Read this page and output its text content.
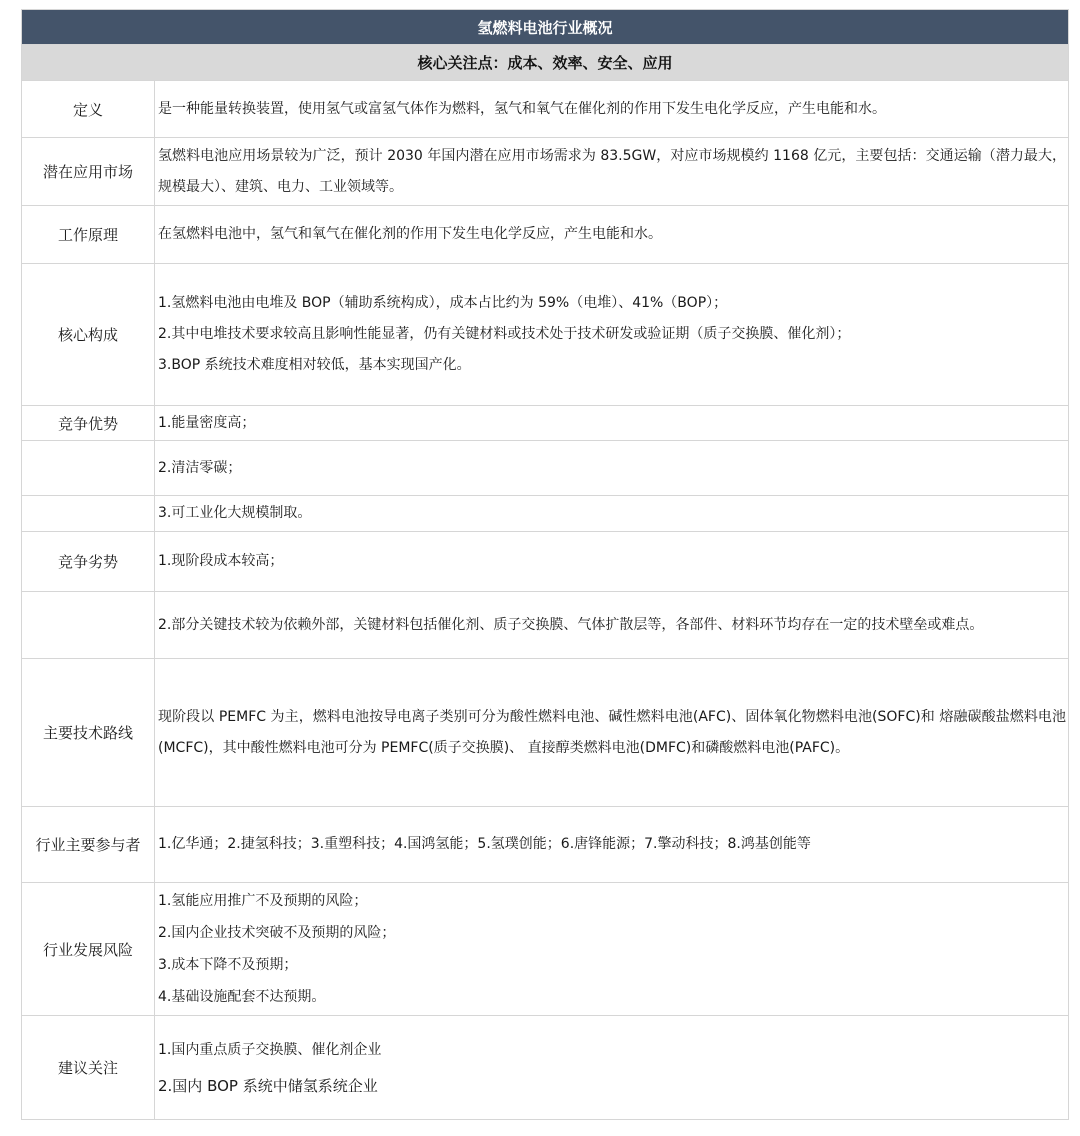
氢燃料电池行业概况	
核心关注点：成本、效率、安全、应用	
定义	是一种能量转换装置，使用氢气或富氢气体作为燃料，氢气和氧气在催化剂的作用下发生电化学反应，产生电能和水。

潜在应用市场	氢燃料电池应用场景较为广泛，预计 2030 年国内潜在应用市场需求为 83.5GW，对应市场规模约 1168 亿元，主要包括：交通运输（潜力最大，规模最大）、建筑、电力、工业领域等。

工作原理	在氢燃料电池中，氢气和氧气在催化剂的作用下发生电化学反应，产生电能和水。

核心构成	1.氢燃料电池由电堆及 BOP（辅助系统构成），成本占比约为 59%（电堆）、41%（BOP）；
2.其中电堆技术要求较高且影响性能显著，仍有关键材料或技术处于技术研发或验证期（质子交换膜、催化剂）；
3.BOP 系统技术难度相对较低，基本实现国产化。

竞争优势	1.能量密度高；

	2.清洁零碳；

	3.可工业化大规模制取。

竞争劣势	1.现阶段成本较高；

	2.部分关键技术较为依赖外部，关键材料包括催化剂、质子交换膜、气体扩散层等，各部件、材料环节均存在一定的技术壁垒或难点。

主要技术路线	现阶段以 PEMFC 为主，燃料电池按导电离子类别可分为酸性燃料电池、碱性燃料电池(AFC)、固体氧化物燃料电池(SOFC)和 熔融碳酸盐燃料电池(MCFC)，其中酸性燃料电池可分为 PEMFC(质子交换膜)、 直接醇类燃料电池(DMFC)和磷酸燃料电池(PAFC)。

行业主要参与者	1.亿华通；2.捷氢科技；3.重塑科技；4.国鸿氢能；5.氢璞创能；6.唐锋能源；7.擎动科技；8.鸿基创能等

行业发展风险	1.氢能应用推广不及预期的风险；
2.国内企业技术突破不及预期的风险；
3.成本下降不及预期；
4.基础设施配套不达预期。

建议关注	1.国内重点质子交换膜、催化剂企业
2.国内 BOP 系统中储氢系统企业
